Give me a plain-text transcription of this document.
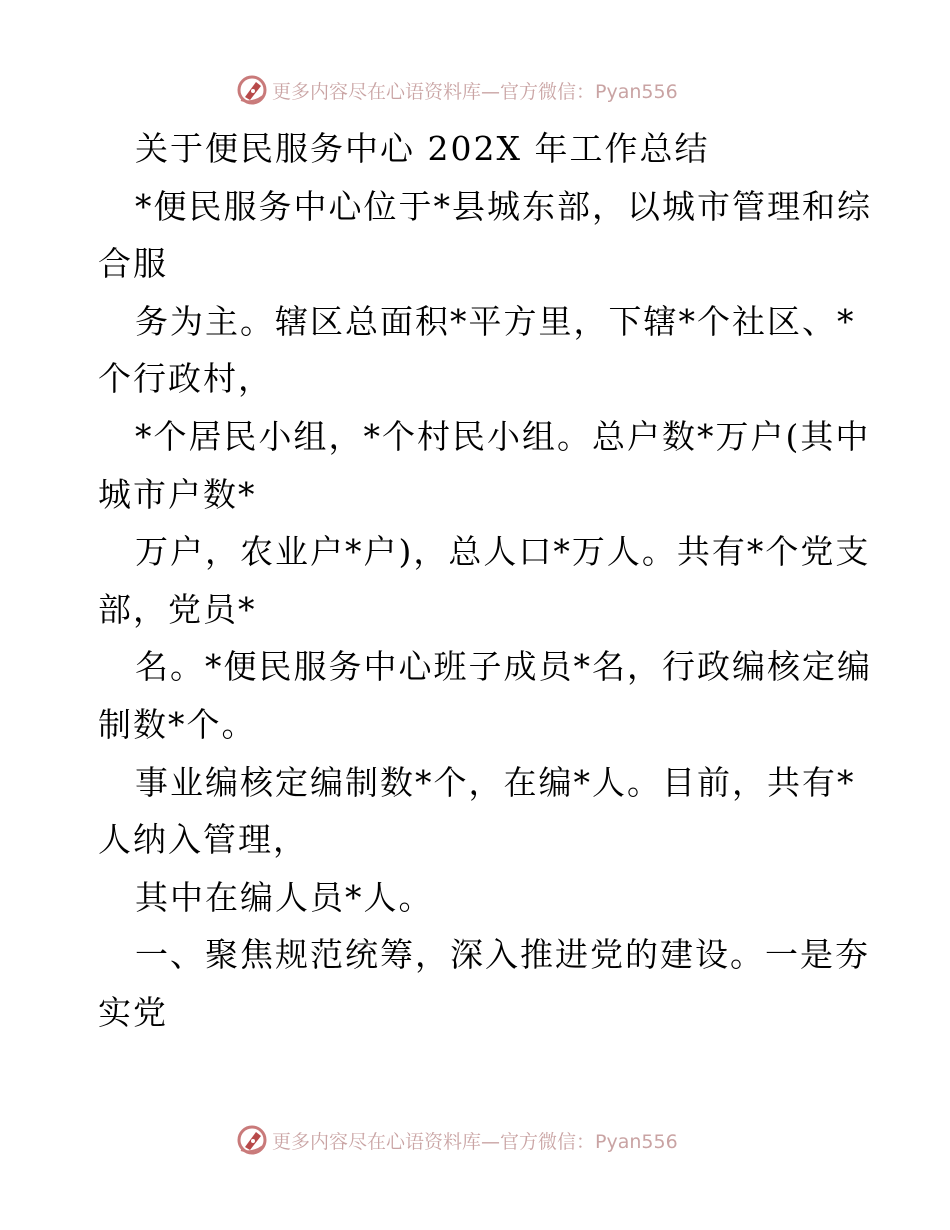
更多内容尽在心语资料库—官方微信：Pyan556
关于便民服务中心 202X 年工作总结
*便民服务中心位于*县城东部，以城市管理和综
合服
务为主。辖区总面积*平方里，下辖*个社区、*
个行政村，
*个居民小组，*个村民小组。总户数*万户(其中
城市户数*
万户，农业户*户)，总人口*万人。共有*个党支
部，党员*
名。*便民服务中心班子成员*名，行政编核定编
制数*个。
事业编核定编制数*个，在编*人。目前，共有*
人纳入管理，
其中在编人员*人。
一、聚焦规范统筹，深入推进党的建设。一是夯
实党
更多内容尽在心语资料库—官方微信：Pyan556
